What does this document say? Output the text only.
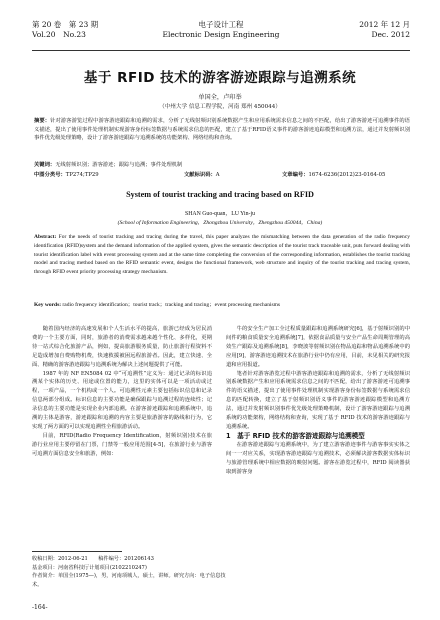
第 20 卷　第 23 期
Vol.20　No.23
电子设计工程
Electronic Design Engineering
2012 年 12 月
Dec. 2012
基于 RFID 技术的游客游迹跟踪与追溯系统
单国全，卢印举
（中州大学 信息工程学院，河南 郑州 450044）
摘要：针对游客游览过程中游客游迹跟踪和追溯的需求，分析了无线射频识别系统数据产生和应用系统需求信息之间的不匹配，给出了游客游迹可追溯事件的语义描述，提出了使用事件处理机制实现游客身份标签数据与系统需求信息的匹配，建立了基于RFID语义事件的游客游迹追踪模型和追溯方法，通过并发射频识别事件优先级处理策略，设计了游客游迹跟踪与追溯系统的功能架构、网络结构和查询。
关键词：无线射频识别；游客游迹；跟踪与追溯；事件处理机制
中图分类号：TP274;TP29	文献标识码：A	文章编号：1674-6236(2012)23-0164-05
System of tourist tracking and tracing based on RFID
SHAN Guo-quan，LU Yin-ju
(School of Information Engineering，Zhongzhou University，Zhengzhou 450044，China)
Abstract: For the needs of tourist tracking and tracing during the travel, this paper analyzes the mismatching between the data generation of the radio frequency identification (RFID)system and the demand information of the applied system, gives the semantic description of the tourist track traceable unit, puts forward dealing with tourist identification label with event processing system and at the same time completing the conversion of the corresponding information, establishes the tourist tracking model and tracing method based on the RFID semantic event, designs the functional framework, web structure and inquiry of the tourist tracking and tracing system, through RFID event priority processing strategy mechanism.
Key words: radio frequency identification；tourist track；tracking and tracing；event processing mechanisms

随着国内经济的高速发展和个人生活水平的提高，旅游已经成为居民消费的一个主要方面，同时，旅游者的消费需求越来越个性化、多样化，更期待一站式综合化旅游产品，例如，提高旅游服务质量，防止旅游行程资料不足造成增加自费购物机费，快速救援被困远程旅游者。因此，建立快速、全面、精确的游客游迹跟踪与追溯系统为解决上述问题提供了可能。

1987 年的 NF EN5084 02 中“可追溯性”定义为：通过记录的标识追溯某个实体的历史、用途或位置的能力，这里的实体可以是一项活动或过程，一项产品，一个机构或一个人。可追溯性元素主要包括标识信息和记录信息两部分组成。标识信息的主要功能是确保跟踪与追溯过程的连续性；记录信息的主要功能是实现企业内部追溯。在游客游迹跟踪和追溯系统中，追溯的主体是游客，游迹跟踪和追溯的内容主要是旅游游客的路线和行为，它实现了两方面的可以实现追溯性全程旅游活动。

目前，RFID(Radio Frequency Identification，射频识别)技术在旅游行业应用主要停留在门票，门禁等一般应用范围[4-5]，在旅游行业与游客可追溯方面信息安全和旅游，例如：

牛的安全生产加工全过程质量跟踪和追溯系统研究[6]，基于射频识别的中间件的粮食质量安全追溯系统[7]，依据食品质量与安全产品生命周期管理的高效生产跟踪及追溯系统[8]，李晓波等射频识别在物品追踪和物品追溯系统中的应用[9]，游客游迹追溯技术在旅游行业中仍有应用，目前，未见相关的研究报道和应用报道。

笔者针对游客游览过程中游客游迹跟踪和追溯的需求，分析了无线射频识别系统数据产生和应用系统需求信息之间的不匹配，给出了游客游迹可追溯事件的语义描述，提出了使用事件处理机制实现游客身份标签数据与系统需求信息的匹配转换，建立了基于射频识别语义事件的游客游迹跟踪模型和追溯方法，通过并发射频识别事件优先级处理策略机制，设计了游客游迹跟踪与追溯系统的功能架构，网络结构和查询，实现了基于 RFID 技术的游客游迹跟踪与追溯系统。

1　基于 RFID 技术的游客游迹跟踪与追溯模型

在游客游迹跟踪与追溯系统中，为了建立游客游迹事件与游客事实实体之间一一对应关系，实现游客游迹跟踪与追溯技术，必须解决游客数据实体标识与旅游管理系统中相应数据的映射问题。游客在游览过程中，RFID 阅读器获取到游客身

收稿日期：2012-06-21　　稿件编号：201206143
基金项目：河南省科技厅计划项目(2102210247)
作者简介：单国全(1975—)，男，河南项城人，硕士，讲师。研究方向：电子信息技术。
-164-
